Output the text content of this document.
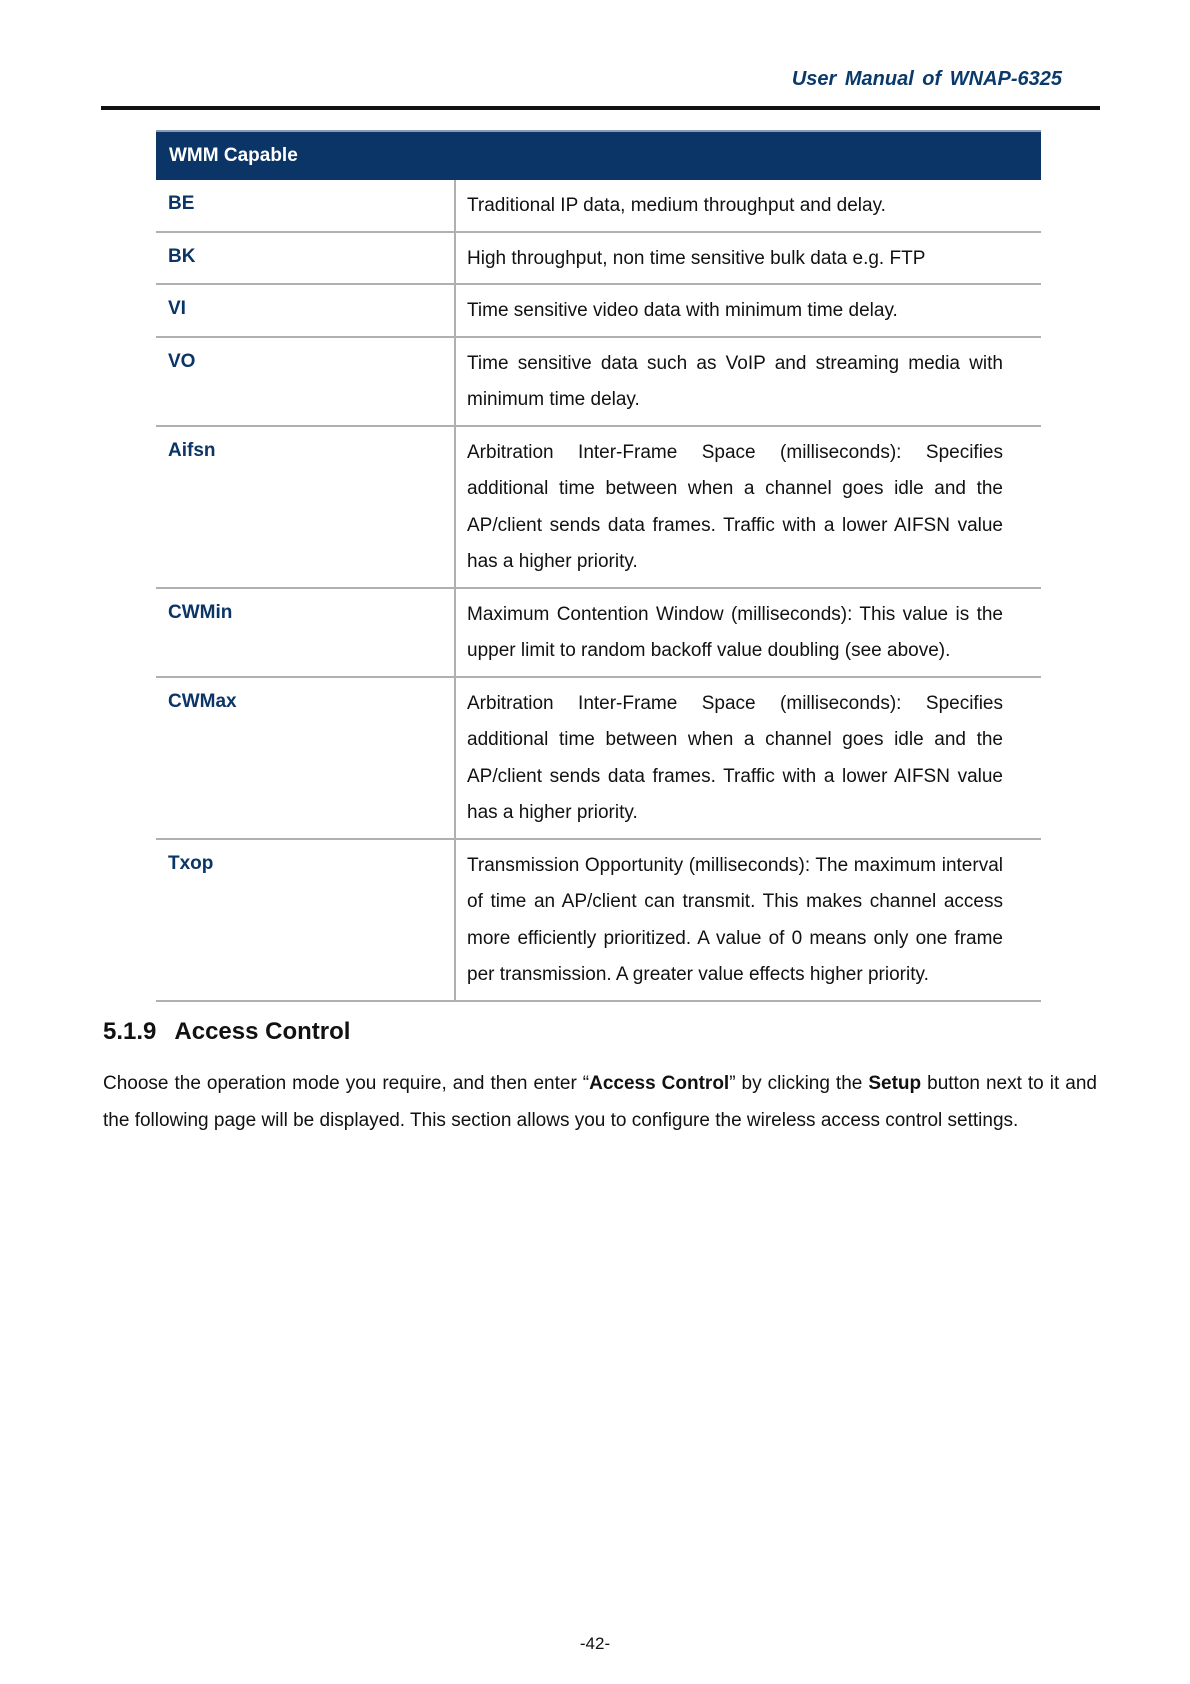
User Manual of WNAP-6325
WMM Capable	
BE	Traditional IP data, medium throughput and delay.
BK	High throughput, non time sensitive bulk data e.g. FTP
VI	Time sensitive video data with minimum time delay.
VO	Time sensitive data such as VoIP and streaming media with minimum time delay.
Aifsn	Arbitration Inter-Frame Space (milliseconds): Specifies additional time between when a channel goes idle and the AP/client sends data frames. Traffic with a lower AIFSN value has a higher priority.
CWMin	Maximum Contention Window (milliseconds): This value is the upper limit to random backoff value doubling (see above).
CWMax	Arbitration Inter-Frame Space (milliseconds): Specifies additional time between when a channel goes idle and the AP/client sends data frames. Traffic with a lower AIFSN value has a higher priority.
Txop	Transmission Opportunity (milliseconds): The maximum interval of time an AP/client can transmit. This makes channel access more efficiently prioritized. A value of 0 means only one frame per transmission. A greater value effects higher priority.
5.1.9 Access Control
Choose the operation mode you require, and then enter “Access Control” by clicking the Setup button next to it and the following page will be displayed. This section allows you to configure the wireless access control settings.
-42-
